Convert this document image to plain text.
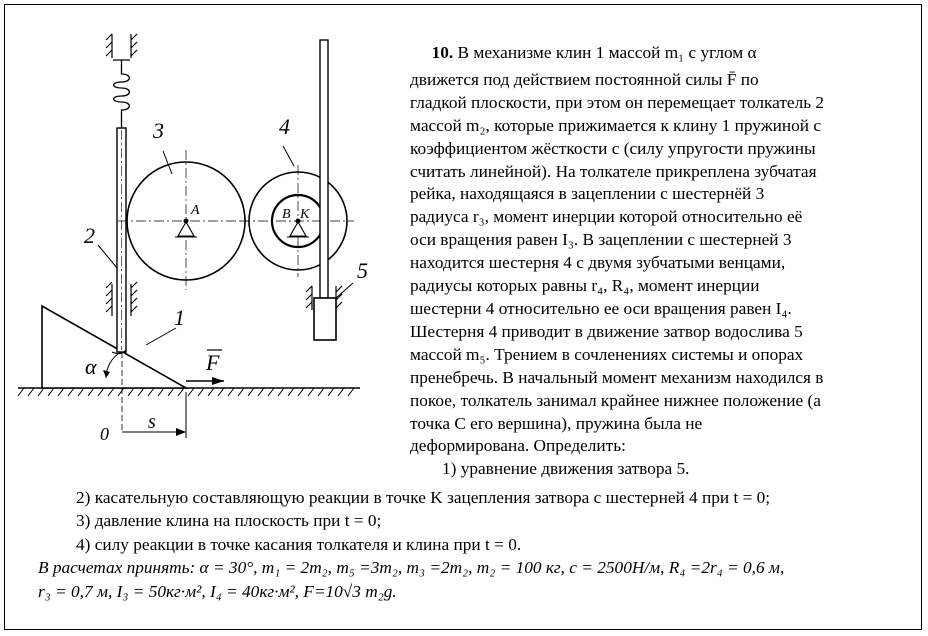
1
2
3	4
5
A	B K
α	F
0
s
10. В механизме клин 1 массой m₁ с углом α
движется под действием постоянной силы F̄ по
гладкой плоскости, при этом он перемещает толкатель 2
массой m₂, которые прижимается к клину 1 пружиной с
коэффициентом жёсткости c (силу упругости пружины
считать линейной). На толкателе прикреплена зубчатая
рейка, находящаяся в зацеплении с шестернёй 3
радиуса r₃, момент инерции которой относительно её
оси вращения равен I₃. В зацеплении с шестерней 3
находится шестерня 4 с двумя зубчатыми венцами,
радиусы которых равны r₄, R₄, момент инерции
шестерни 4 относительно ее оси вращения равен I₄.
Шестерня 4 приводит в движение затвор водослива 5
массой m₅. Трением в сочленениях системы и опорах
пренебречь. В начальный момент механизм находился в
покое, толкатель занимал крайнее нижнее положение (а
точка С его вершина), пружина была не
деформирована. Определить:
1) уравнение движения затвора 5.
2) касательную составляющую реакции в точке K зацепления затвора с шестерней 4 при t = 0;
3) давление клина на плоскость при t = 0;
4) силу реакции в точке касания толкателя и клина при t = 0.
В расчетах принять: α = 30°, m₁ = 2m₂, m₅ =3m₂, m₃ =2m₂, m₂ = 100 кг, c = 2500Н/м, R₄ =2r₄ = 0,6 м,
r₃ = 0,7 м, I₃ = 50кг·м², I₄ = 40кг·м², F=10√3 m₂g.
